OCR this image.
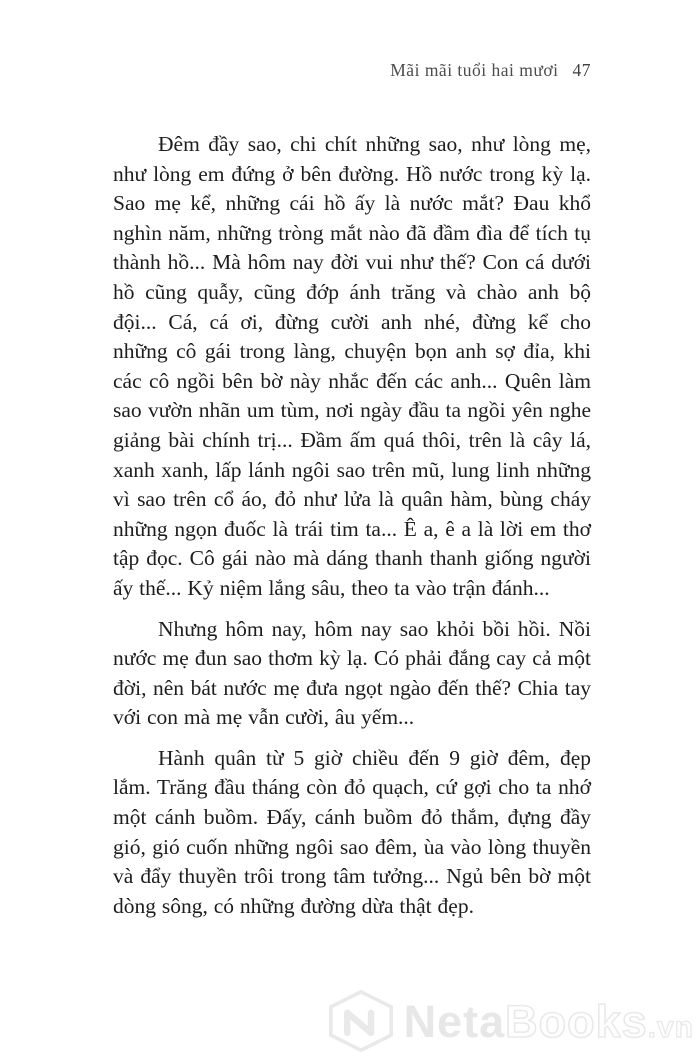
Mãi mãi tuổi hai mươi 47

Đêm đầy sao, chi chít những sao, như lòng mẹ, như lòng em đứng ở bên đường. Hồ nước trong kỳ lạ. Sao mẹ kể, những cái hồ ấy là nước mắt? Đau khổ nghìn năm, những tròng mắt nào đã đầm đìa để tích tụ thành hồ... Mà hôm nay đời vui như thế? Con cá dưới hồ cũng quẫy, cũng đớp ánh trăng và chào anh bộ đội... Cá, cá ơi, đừng cười anh nhé, đừng kể cho những cô gái trong làng, chuyện bọn anh sợ đỉa, khi các cô ngồi bên bờ này nhắc đến các anh... Quên làm sao vườn nhãn um tùm, nơi ngày đầu ta ngồi yên nghe giảng bài chính trị... Đầm ấm quá thôi, trên là cây lá, xanh xanh, lấp lánh ngôi sao trên mũ, lung linh những vì sao trên cổ áo, đỏ như lửa là quân hàm, bùng cháy những ngọn đuốc là trái tim ta... Ê a, ê a là lời em thơ tập đọc. Cô gái nào mà dáng thanh thanh giống người ấy thế... Kỷ niệm lắng sâu, theo ta vào trận đánh...

Nhưng hôm nay, hôm nay sao khỏi bồi hồi. Nồi nước mẹ đun sao thơm kỳ lạ. Có phải đắng cay cả một đời, nên bát nước mẹ đưa ngọt ngào đến thế? Chia tay với con mà mẹ vẫn cười, âu yếm...

Hành quân từ 5 giờ chiều đến 9 giờ đêm, đẹp lắm. Trăng đầu tháng còn đỏ quạch, cứ gợi cho ta nhớ một cánh buồm. Đấy, cánh buồm đỏ thắm, đựng đầy gió, gió cuốn những ngôi sao đêm, ùa vào lòng thuyền và đẩy thuyền trôi trong tâm tưởng... Ngủ bên bờ một dòng sông, có những đường dừa thật đẹp.

NetaBooks.vn
